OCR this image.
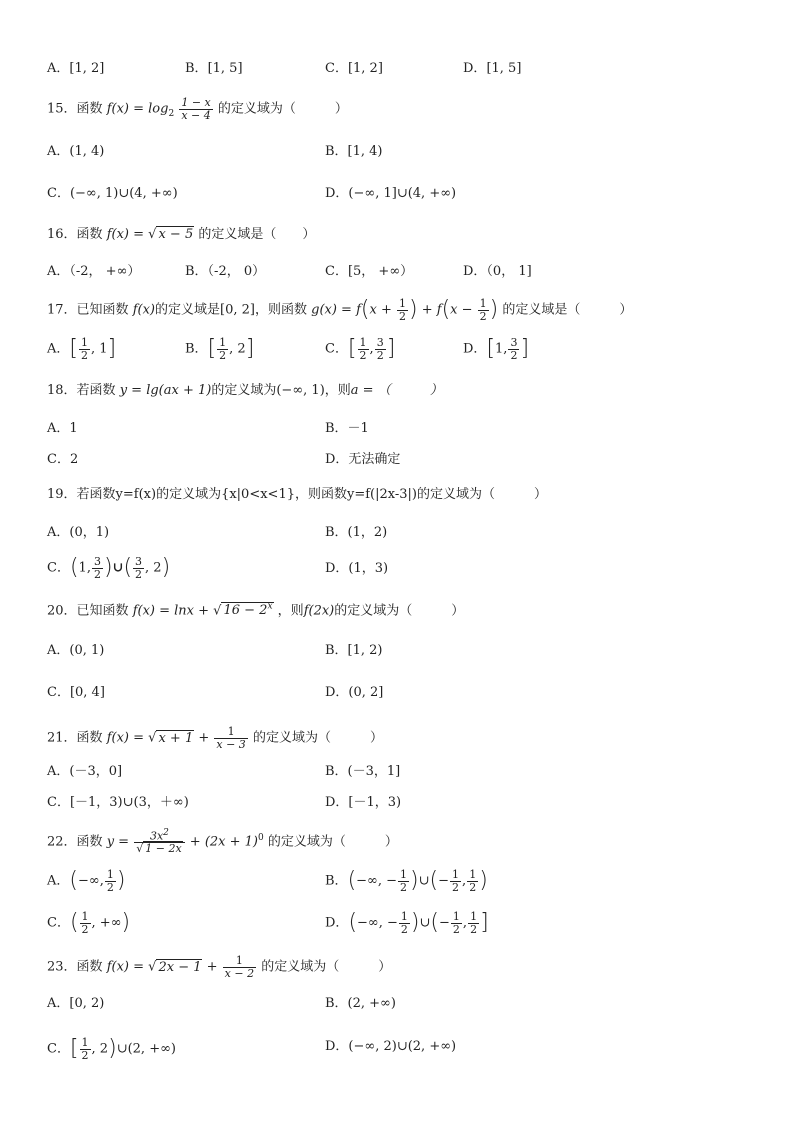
A．[1, 2]	B．[1, 5]	C．[1, 2]	D．[1, 5]
15．函数 $f(x) = \log_2 \frac{1 - x}{x - 4}$ 的定义域为（　　　）
A．(1, 4)	B．[1, 4)
C．(−∞, 1)∪(4, +∞)	D．(−∞, 1]∪(4, +∞)
16．函数 f(x) = √ x − 5 的定义域是（　　）
A．（-2， +∞）	B．（-2， 0）	C．[5， +∞）	D．（0， 1]
17．已知函数 f(x)的定义域是[0, 2]，则函数 $g(x) = f(x + \frac{1}{2}$ ) + $f(x - \frac{1}{2}$ ) 的定义域是（　　　）
A．[ $\frac{1}{2}$ , 1]	B．[ $\frac{1}{2}$ , 2]	C．[ $\frac{1}{2}$ , $\frac{3}{2}$ ]	D．[1, $\frac{3}{2}$ ]
18．若函数 y = lg(ax + 1)的定义域为(−∞, 1)，则a = （　　　）
A．1	B．－1
C．2	D．无法确定
19．若函数y=f(x)的定义域为{x|0<x<1}，则函数y=f(|2x-3|)的定义域为（　　　）
A．(0，1)	B．(1，2)
C．(1, $\frac{3}{2}$ )∪( $\frac{3}{2}$ , 2)	D．(1，3)
20．已知函数 f(x) = lnx + √ $16 - 2^x$ ，则f(2x)的定义域为（　　　）
A．(0, 1)	B．[1, 2)
C．[0, 4]	D．(0, 2]
21．函数 f(x) = √ $x + 1 + \frac{1}{x - 3}$ 的定义域为（　　　）
A．(－3，0]	B．(－3，1]
C．[－1，3)∪(3，＋∞)	D．[－1，3)
22．函数 $y = \frac{3x^2}{√ 1 - 2x} + (2x + 1)^0$ 的定义域为（　　　）
A．(−∞, $\frac{1}{2}$ )	B．(−∞, − $\frac{1}{2}$ )∪(− $\frac{1}{2}$ , $\frac{1}{2}$ )
C．( $\frac{1}{2}$ , +∞)	D．(−∞, − $\frac{1}{2}$ )∪(− $\frac{1}{2}$ , $\frac{1}{2}$ ]
23．函数 f(x) = √ $2x - 1 + \frac{1}{x - 2}$ 的定义域为（　　　）
A．[0, 2)	B．(2, +∞)
C．[ $\frac{1}{2}$ , 2)∪(2, +∞)	D．(−∞, 2)∪(2, +∞)
